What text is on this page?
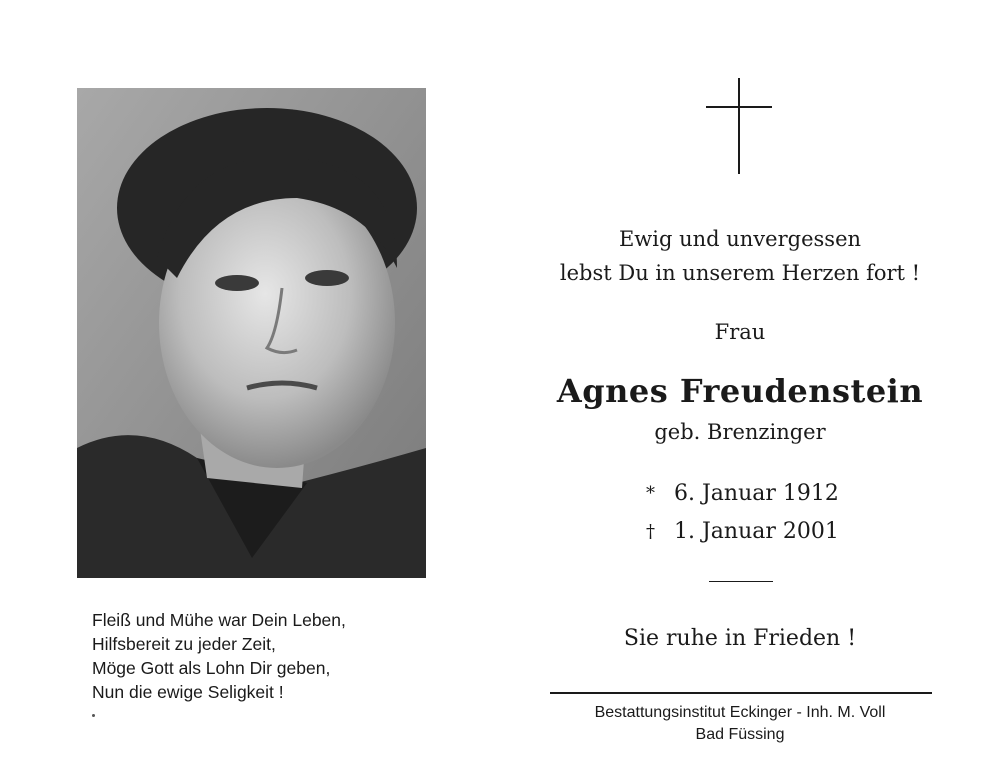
Fleiß und Mühe war Dein Leben,
Hilfsbereit zu jeder Zeit,
Möge Gott als Lohn Dir geben,
Nun die ewige Seligkeit !
Ewig und unvergessen
lebst Du in unserem Herzen fort !
Frau
Agnes Freudenstein
geb. Brenzinger
* 6. Januar 1912
† 1. Januar 2001
Sie ruhe in Frieden !
Bestattungsinstitut Eckinger - Inh. M. Voll
Bad Füssing
